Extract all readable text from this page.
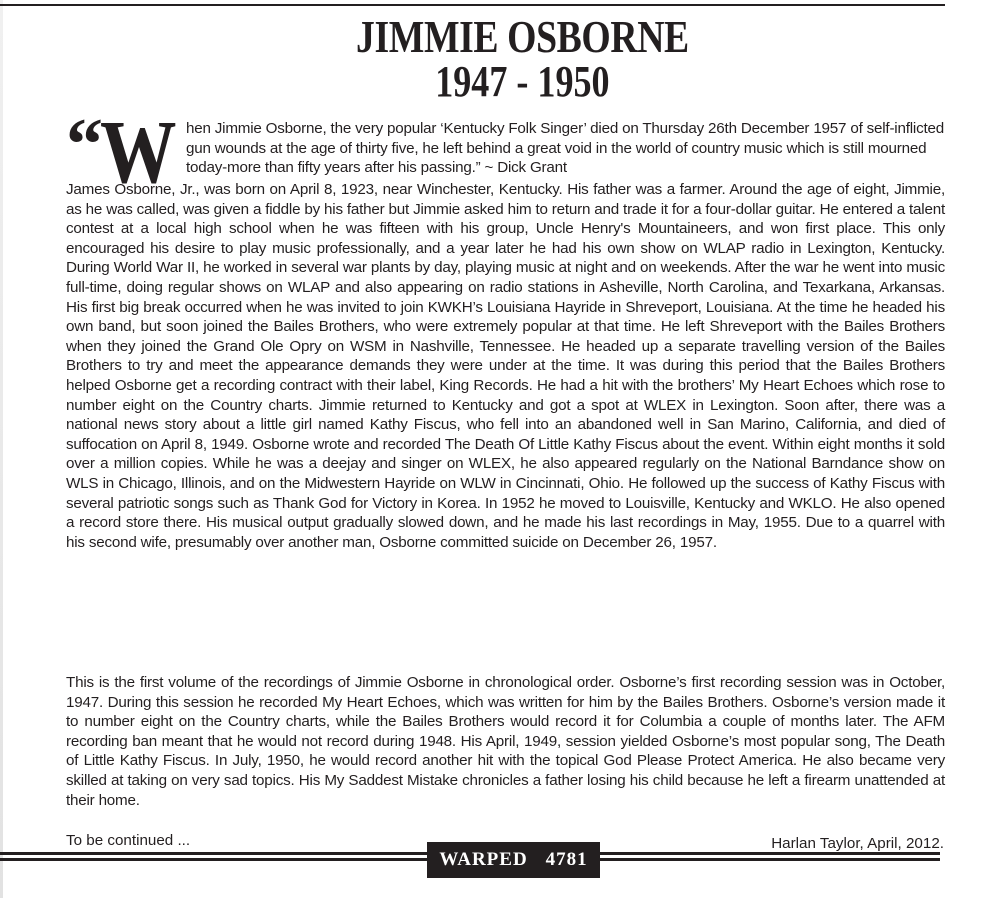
JIMMIE OSBORNE
1947 - 1950
“
W hen Jimmie Osborne, the very popular ‘Kentucky Folk Singer’ died on Thursday 26th December 1957 of self-inflicted gun wounds at the age of thirty five, he left behind a great void in the world of country music which is still mourned today-more than fifty years after his passing.” ~ Dick Grant

James Osborne, Jr., was born on April 8, 1923, near Winchester, Kentucky. His father was a farmer. Around the age of eight, Jimmie, as he was called, was given a fiddle by his father but Jimmie asked him to return and trade it for a four-dollar guitar. He entered a talent contest at a local high school when he was fifteen with his group, Uncle Henry's Mountaineers, and won first place. This only encouraged his desire to play music professionally, and a year later he had his own show on WLAP radio in Lexington, Kentucky. During World War II, he worked in several war plants by day, playing music at night and on weekends. After the war he went into music full-time, doing regular shows on WLAP and also appearing on radio stations in Asheville, North Carolina, and Texarkana, Arkansas. His first big break occurred when he was invited to join KWKH’s Louisiana Hayride in Shreveport, Louisiana. At the time he headed his own band, but soon joined the Bailes Brothers, who were extremely popular at that time. He left Shreveport with the Bailes Brothers when they joined the Grand Ole Opry on WSM in Nashville, Tennessee. He headed up a separate travelling version of the Bailes Brothers to try and meet the appearance demands they were under at the time. It was during this period that the Bailes Brothers helped Osborne get a recording contract with their label, King Records. He had a hit with the brothers’ My Heart Echoes which rose to number eight on the Country charts. Jimmie returned to Kentucky and got a spot at WLEX in Lexington. Soon after, there was a national news story about a little girl named Kathy Fiscus, who fell into an abandoned well in San Marino, California, and died of suffocation on April 8, 1949. Osborne wrote and recorded The Death Of Little Kathy Fiscus about the event. Within eight months it sold over a million copies. While he was a deejay and singer on WLEX, he also appeared regularly on the National Barndance show on WLS in Chicago, Illinois, and on the Midwestern Hayride on WLW in Cincinnati, Ohio. He followed up the success of Kathy Fiscus with several patriotic songs such as Thank God for Victory in Korea. In 1952 he moved to Louisville, Kentucky and WKLO. He also opened a record store there. His musical output gradually slowed down, and he made his last recordings in May, 1955. Due to a quarrel with his second wife, presumably over another man, Osborne committed suicide on December 26, 1957.

This is the first volume of the recordings of Jimmie Osborne in chronological order. Osborne’s first recording session was in October, 1947. During this session he recorded My Heart Echoes, which was written for him by the Bailes Brothers. Osborne’s version made it to number eight on the Country charts, while the Bailes Brothers would record it for Columbia a couple of months later. The AFM recording ban meant that he would not record during 1948. His April, 1949, session yielded Osborne’s most popular song, The Death of Little Kathy Fiscus. In July, 1950, he would record another hit with the topical God Please Protect America. He also became very skilled at taking on very sad topics. His My Saddest Mistake chronicles a father losing his child because he left a firearm unattended at their home.

To be continued ...	Harlan Taylor, April, 2012.
WARPED 4781
